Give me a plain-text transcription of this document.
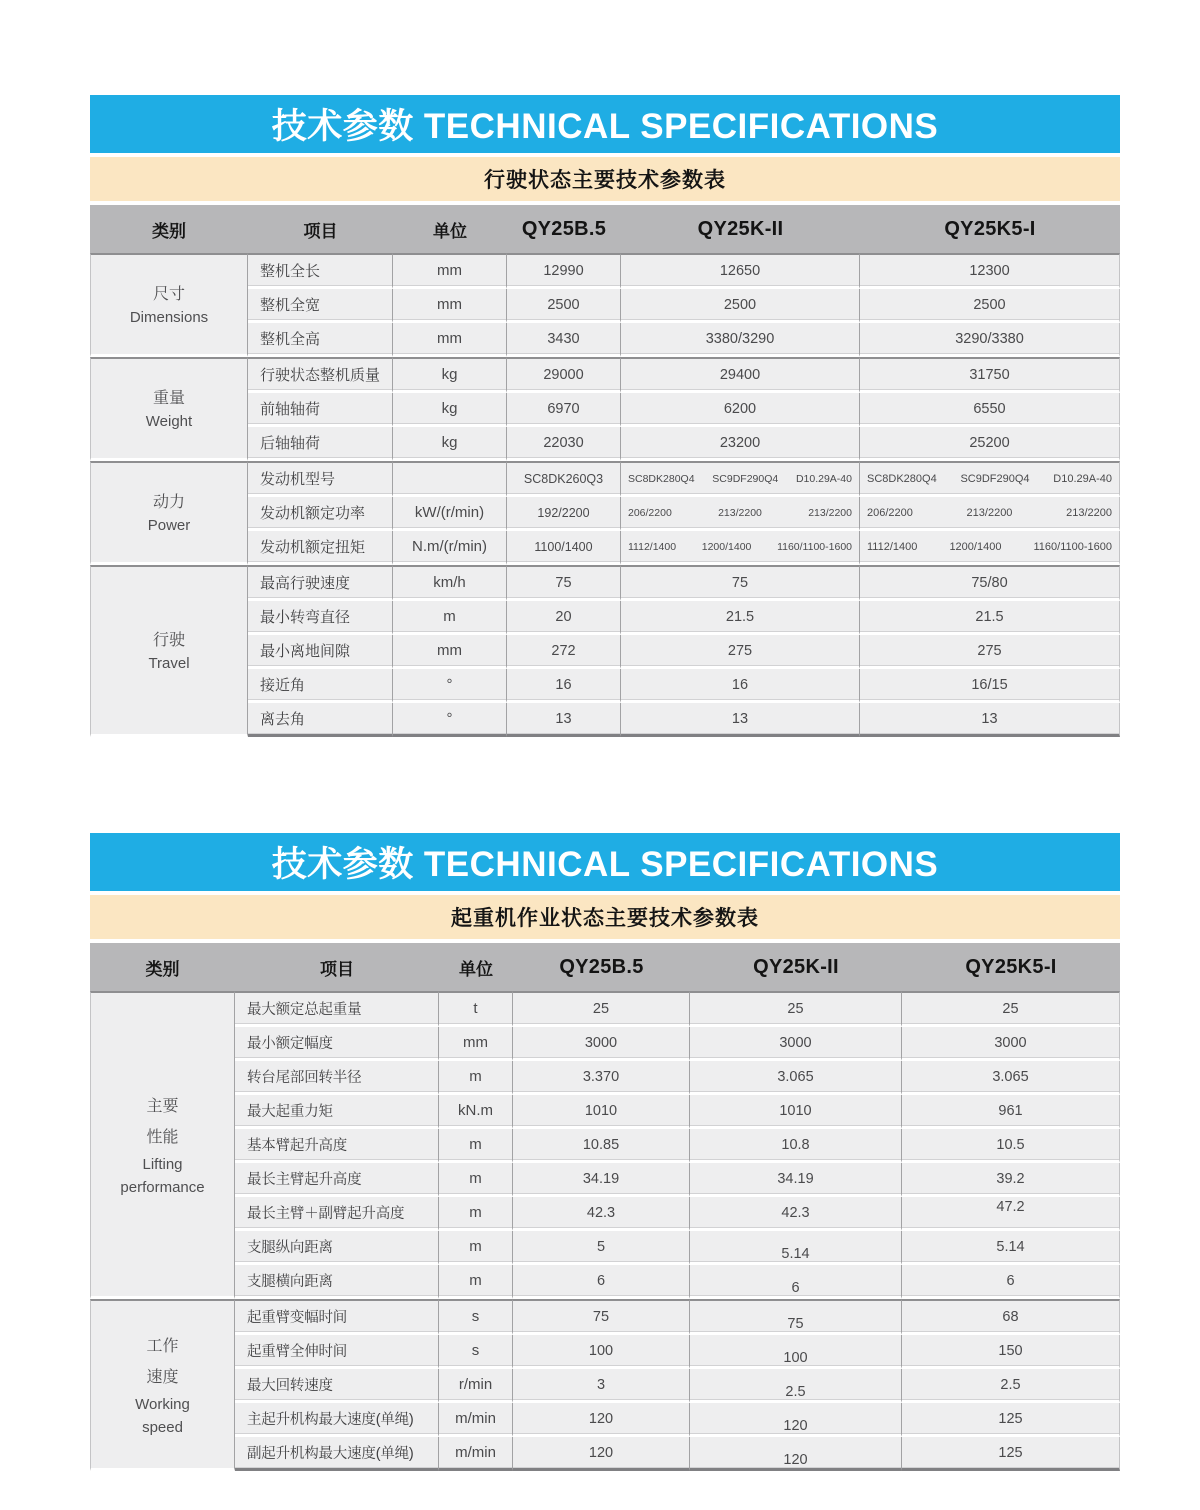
技术参数 TECHNICAL SPECIFICATIONS
行驶状态主要技术参数表
类别	项目	单位	QY25B.5	QY25K-II	QY25K5-I

尺寸
Dimensions	整机全长	mm	12990	12650	12300
	整机全宽	mm	2500	2500	2500
	整机全高	mm	3430	3380/3290	3290/3380

重量
Weight	行驶状态整机质量	kg	29000	29400	31750
	前轴轴荷	kg	6970	6200	6550
	后轴轴荷	kg	22030	23200	25200

动力
Power
	发动机型号		SC8DK260Q3	SC8DK280Q4 SC9DF290Q4 D10.29A-40	SC8DK280Q4 SC9DF290Q4 D10.29A-40

	发动机额定功率	kW/(r/min)	192/2200	206/2200 213/2200 213/2200	206/2200 213/2200 213/2200

	发动机额定扭矩	N.m/(r/min)	1100/1400	1112/1400 1200/1400 1160/1100-1600	1112/1400 1200/1400 1160/1100-1600

行驶
Travel	最高行驶速度	km/h	75	75	75/80
	最小转弯直径	m	20	21.5	21.5
	最小离地间隙	mm	272	275	275
	接近角	°	16	16	16/15
	离去角	°	13	13	13
技术参数 TECHNICAL SPECIFICATIONS
起重机作业状态主要技术参数表
类别	项目	单位	QY25B.5	QY25K-II	QY25K5-I

主要
性能
Lifting
performance	最大额定总起重量	t	25	25	25
	最小额定幅度	mm	3000	3000	3000
	转台尾部回转半径	m	3.370	3.065	3.065
	最大起重力矩	kN.m	1010	1010	961
	基本臂起升高度	m	10.85	10.8	10.5
	最长主臂起升高度	m	34.19	34.19	39.2
	最长主臂＋副臂起升高度	m	42.3	42.3	47.2
	支腿纵向距离	m	5	5.14	5.14
	支腿横向距离	m	6	6	6

工作
速度
Working
speed	起重臂变幅时间	s	75	75	68
	起重臂全伸时间	s	100	100	150
	最大回转速度	r/min	3	2.5	2.5
	主起升机构最大速度(单绳)	m/min	120	120	125
	副起升机构最大速度(单绳)	m/min	120	120	125
